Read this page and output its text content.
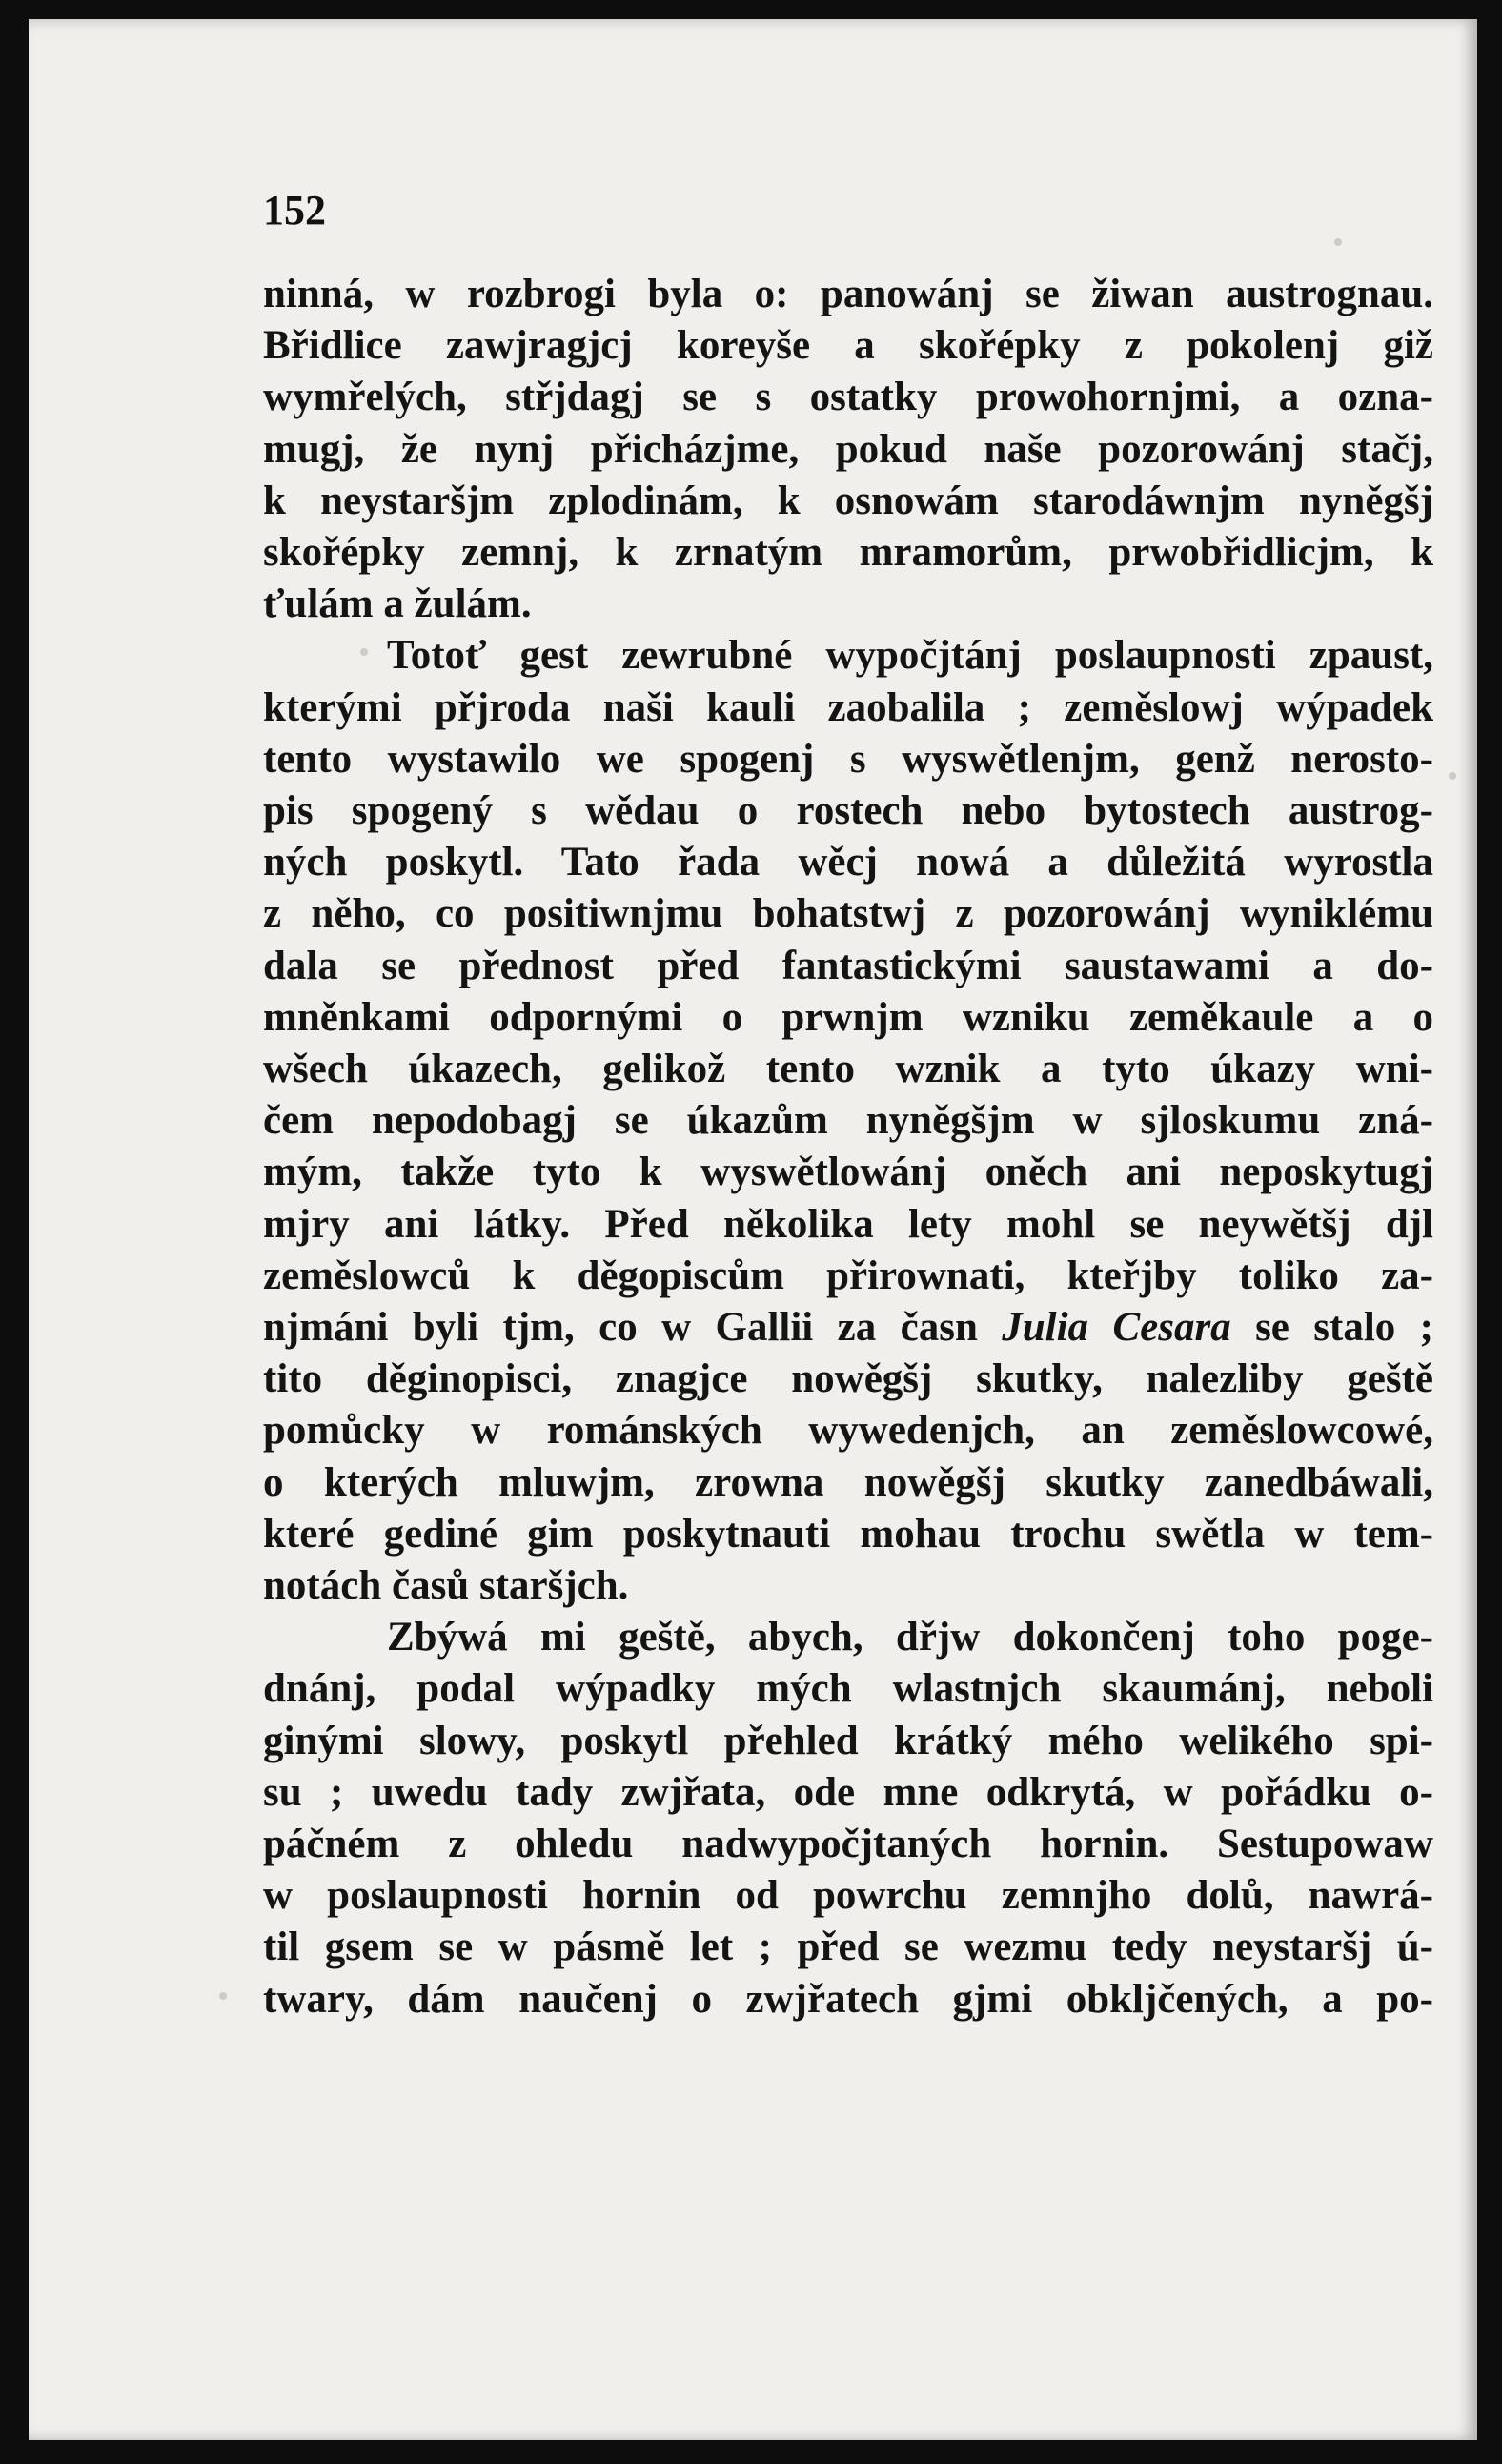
152
ninná, w rozbrogi byla o: panowánj se žiwan austrognau.
Břidlice zawjragjcj koreyše a skořépky z pokolenj giž
wymřelých, střjdagj se s ostatky prowohornjmi, a ozna-
mugj, že nynj přicházjme, pokud naše pozorowánj stačj,
k neystaršjm zplodinám, k osnowám starodáwnjm nyněgšj
skořépky zemnj, k zrnatým mramorům, prwobřidlicjm, k
ťulám a žulám.
Totoť gest zewrubné wypočjtánj poslaupnosti zpaust,
kterými přjroda naši kauli zaobalila ; zeměslowj wýpadek
tento wystawilo we spogenj s wyswětlenjm, genž nerosto-
pis spogený s wědau o rostech nebo bytostech austrog-
ných poskytl. Tato řada wěcj nowá a důležitá wyrostla
z něho, co positiwnjmu bohatstwj z pozorowánj wyniklému
dala se přednost před fantastickými saustawami a do-
mněnkami odpornými o prwnjm wzniku zeměkaule a o
wšech úkazech, gelikož tento wznik a tyto úkazy wni-
čem nepodobagj se úkazům nyněgšjm w sjloskumu zná-
mým, takže tyto k wyswětlowánj oněch ani neposkytugj
mjry ani látky. Před několika lety mohl se neywětšj djl
zeměslowců k děgopiscům přirownati, kteřjby toliko za-
njmáni byli tjm, co w Gallii za časn Julia Cesara se stalo ;
tito děginopisci, znagjce nowěgšj skutky, nalezliby geště
pomůcky w románských wywedenjch, an zeměslowcowé,
o kterých mluwjm, zrowna nowěgšj skutky zanedbáwali,
které gediné gim poskytnauti mohau trochu swětla w tem-
notách časů staršjch.
Zbýwá mi geště, abych, dřjw dokončenj toho poge-
dnánj, podal wýpadky mých wlastnjch skaumánj, neboli
ginými slowy, poskytl přehled krátký mého welikého spi-
su ; uwedu tady zwjřata, ode mne odkrytá, w pořádku o-
páčném z ohledu nadwypočjtaných hornin. Sestupowaw
w poslaupnosti hornin od powrchu zemnjho dolů, nawrá-
til gsem se w pásmě let ; před se wezmu tedy neystaršj ú-
twary, dám naučenj o zwjřatech gjmi obkljčených, a po-
